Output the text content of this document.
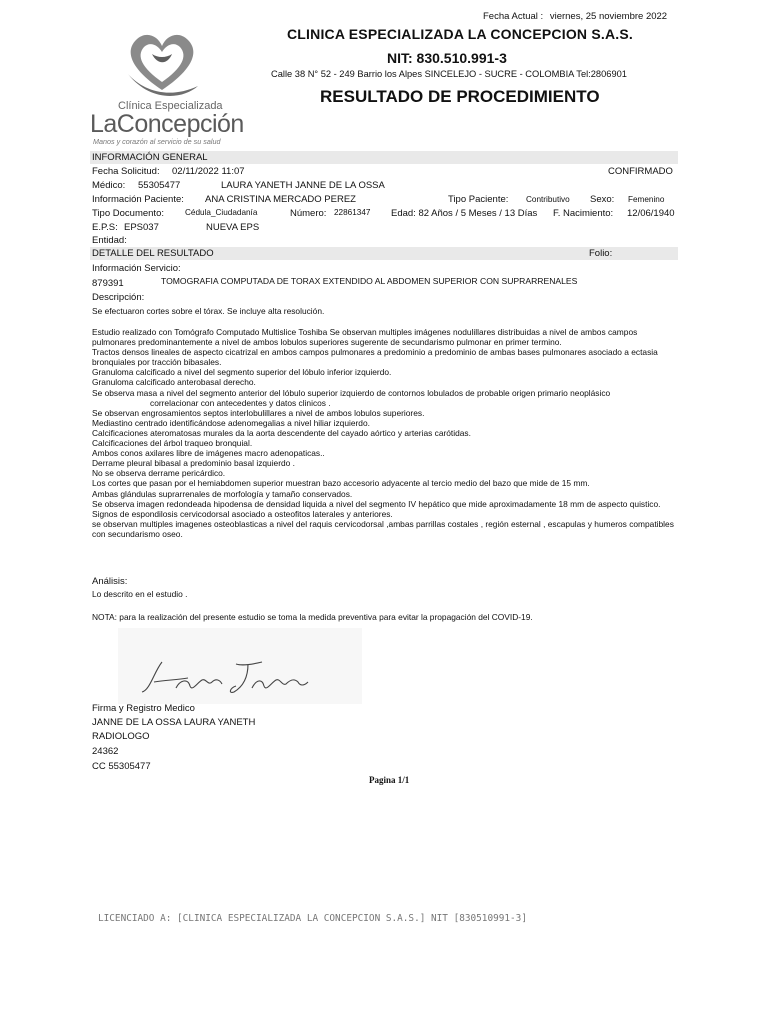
Fecha Actual : viernes, 25 noviembre 2022
CLINICA ESPECIALIZADA LA CONCEPCION S.A.S.
NIT: 830.510.991-3
Calle 38 N° 52 - 249 Barrio los Alpes SINCELEJO - SUCRE - COLOMBIA Tel:2806901
RESULTADO DE PROCEDIMIENTO
Clínica Especializada
LaConcepción
Manos y corazón al servicio de su salud
INFORMACIÓN GENERAL
Fecha Solicitud: 02/11/2022 11:07	CONFIRMADO
Médico: 55305477	LAURA YANETH JANNE DE LA OSSA
Información Paciente: ANA CRISTINA MERCADO PEREZ	Tipo Paciente: Contributivo Sexo: Femenino
Tipo Documento:	Cédula_Ciudadanía	Número: 22861347 Edad: 82 Años / 5 Meses / 13 Días F. Nacimiento: 12/06/1940
E.P.S: EPS037	NUEVA EPS
Entidad:
DETALLE DEL RESULTADO	Folio:
Información Servicio:
879391	TOMOGRAFIA COMPUTADA DE TORAX EXTENDIDO AL ABDOMEN SUPERIOR CON SUPRARRENALES
Descripción:

Se efectuaron cortes sobre el tórax. Se incluye alta resolución.

Estudio realizado con Tomógrafo Computado Multislice Toshiba Se observan multiples imágenes nodulillares distribuidas a nivel de ambos campos pulmonares predominantemente a nivel de ambos lobulos superiores sugerente de secundarismo pulmonar en primer termino.

Tractos densos lineales de aspecto cicatrizal en ambos campos pulmonares a predominio a predominio de ambas bases pulmonares asociado a ectasia bronquiales por tracción bibasales.

Granuloma calcificado a nivel del segmento superior del lóbulo inferior izquierdo.

Granuloma calcificado anterobasal derecho.

Se observa masa a nivel del segmento anterior del lóbulo superior izquierdo de contornos lobulados de probable origen primario neoplásico

correlacionar con antecedentes y datos clinicos .

Se observan engrosamientos septos interlobulillares a nivel de ambos lobulos superiores.

Mediastino centrado identificándose adenomegalias a nivel hiliar izquierdo.

Calcificaciones ateromatosas murales da la aorta descendente del cayado aórtico y arterias carótidas.

Calcificaciones del árbol traqueo bronquial.

Ambos conos axilares libre de imágenes macro adenopaticas..

Derrame pleural bibasal a predominio basal izquierdo .

No se observa derrame pericárdico.

Los cortes que pasan por el hemiabdomen superior muestran bazo accesorio adyacente al tercio medio del bazo que mide de 15 mm.

Ambas glándulas suprarrenales de morfología y tamaño conservados.

Se observa imagen redondeada hipodensa de densidad liquida a nivel del segmento IV hepático que mide aproximadamente 18 mm de aspecto quistico.

Signos de espondilosis cervicodorsal asociado a osteofitos laterales y anteriores.

se observan multiples imagenes osteoblasticas a nivel del raquis cervicodorsal ,ambas parrillas costales , región esternal , escapulas y humeros compatibles con secundarismo oseo.

Análisis:
Lo descrito en el estudio .
NOTA: para la realización del presente estudio se toma la medida preventiva para evitar la propagación del COVID-19.
Firma y Registro Medico
JANNE DE LA OSSA LAURA YANETH
RADIOLOGO
24362
CC 55305477
Pagina 1/1
LICENCIADO A: [CLINICA ESPECIALIZADA LA CONCEPCION S.A.S.] NIT [830510991-3]
